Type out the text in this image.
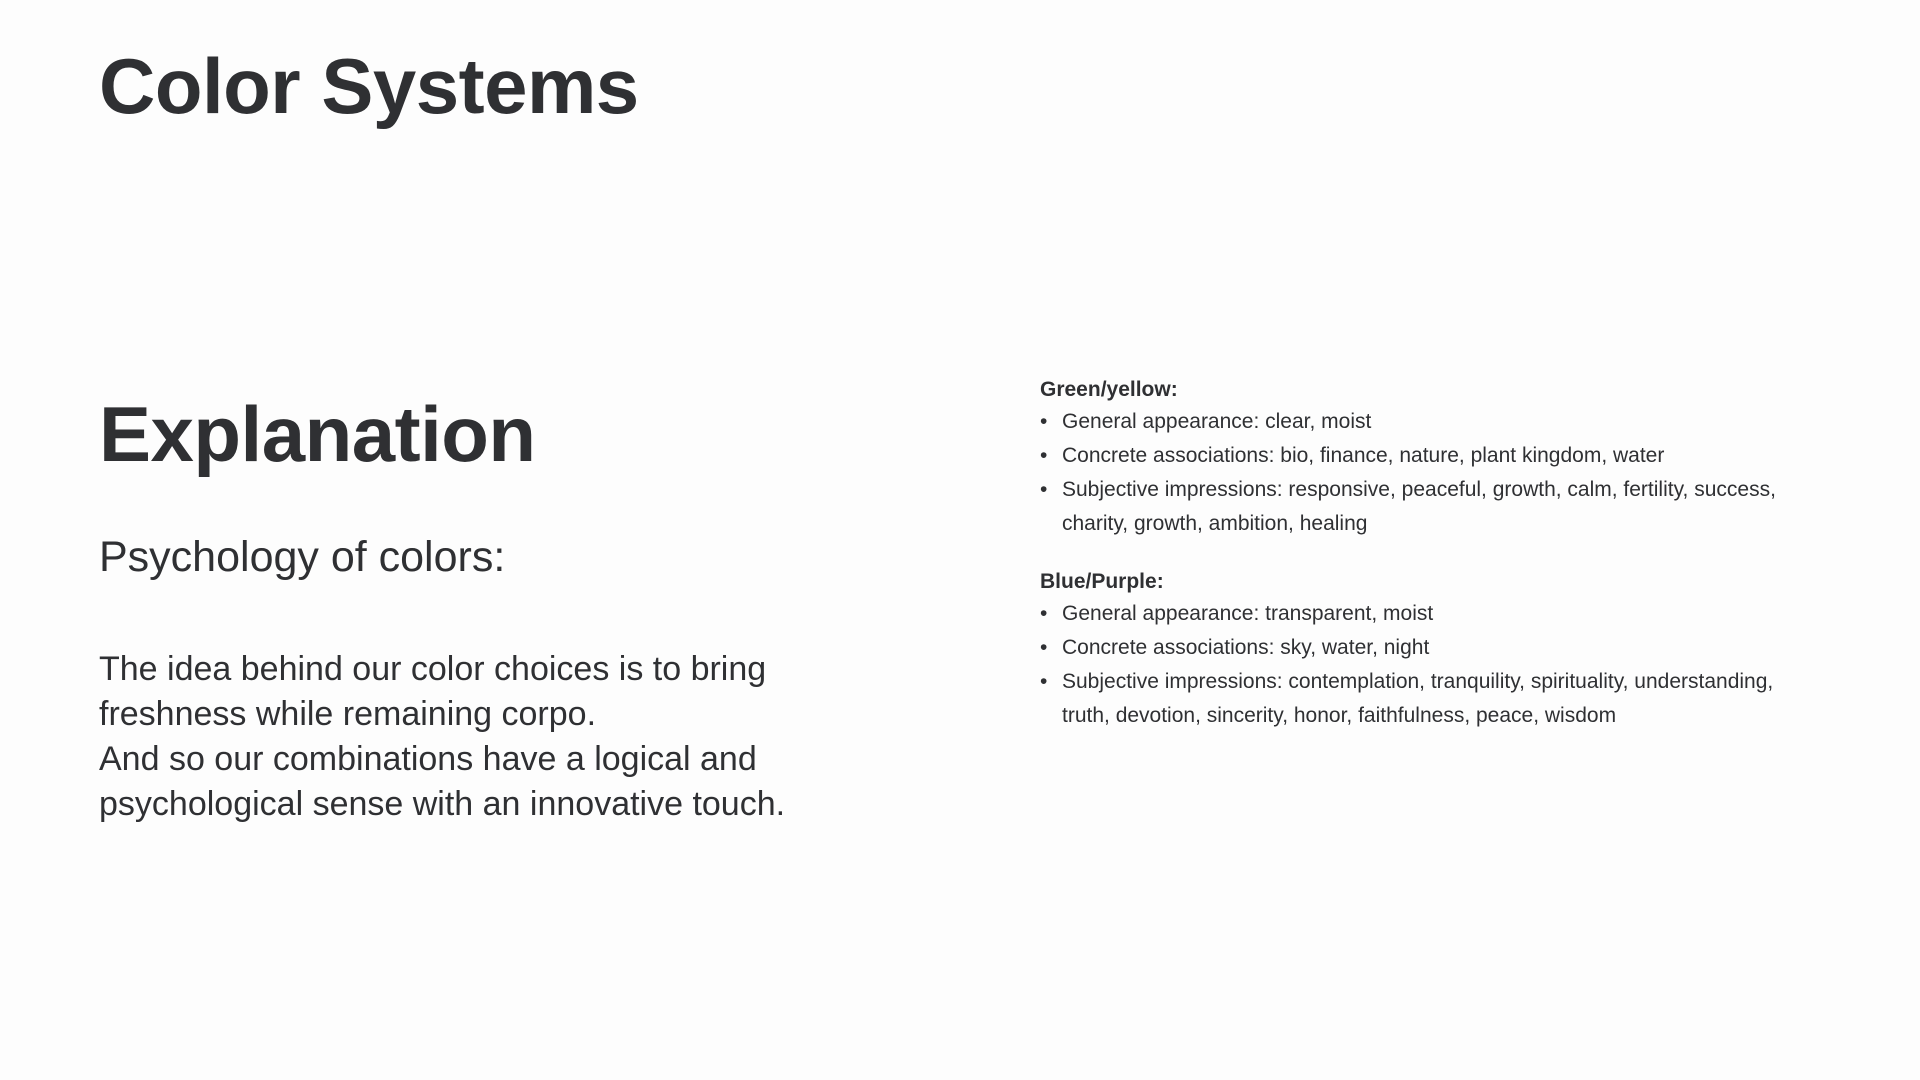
Color Systems
Explanation
Psychology of colors:

The idea behind our color choices is to bring
freshness while remaining corpo.
And so our combinations have a logical and
psychological sense with an innovative touch.

Green/yellow:
• General appearance: clear, moist
• Concrete associations: bio, finance, nature, plant kingdom, water
• Subjective impressions: responsive, peaceful, growth, calm, fertility, success,
charity, growth, ambition, healing
Blue/Purple:
• General appearance: transparent, moist
• Concrete associations: sky, water, night
• Subjective impressions: contemplation, tranquility, spirituality, understanding,
truth, devotion, sincerity, honor, faithfulness, peace, wisdom
